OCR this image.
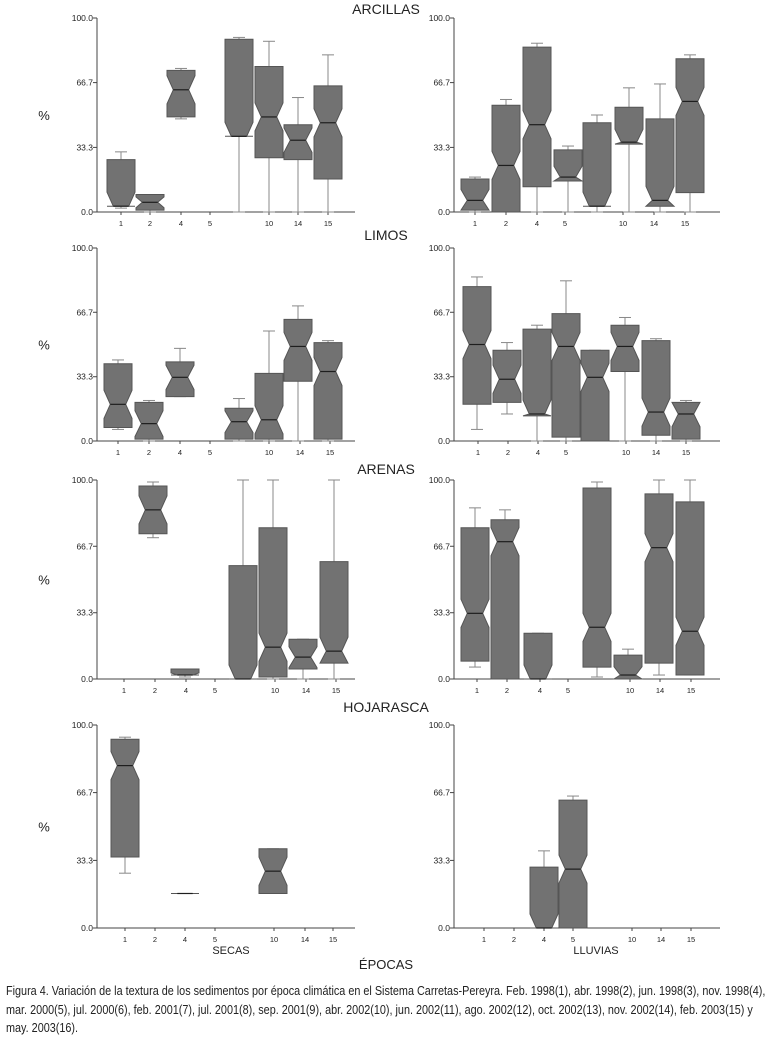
ARCILLAS
0.0
33.3
66.7
100.0
%
1	2	4	5	10	14	15
0.0
33.3
66.7
100.0
1	2	4	5	10	14	15
LIMOS
0.0
33.3
66.7
100.0
%
1	2	4	5	10	14	15
0.0
33.3
66.7
100.0
1	2	4	5	10	14	15
ARENAS
0.0
33.3
66.7
100.0
%
1	2	4	5	10	14	15
0.0
33.3
66.7
100.0
1	2	4	5	10	14	15
HOJARASCA
0.0
33.3
66.7
100.0
%
1	2	4	5	10	14	15
0.0
33.3
66.7
100.0
1	2	4	5	10	14	15
SECAS	LLUVIAS
ÉPOCAS
Figura 4. Variación de la textura de los sedimentos por época climática en el Sistema Carretas-Pereyra. Feb. 1998(1), abr. 1998(2), jun. 1998(3), nov. 1998(4), mar. 2000(5), jul. 2000(6), feb. 2001(7), jul. 2001(8), sep. 2001(9), abr. 2002(10), jun. 2002(11), ago. 2002(12), oct. 2002(13), nov. 2002(14), feb. 2003(15) y may. 2003(16).
